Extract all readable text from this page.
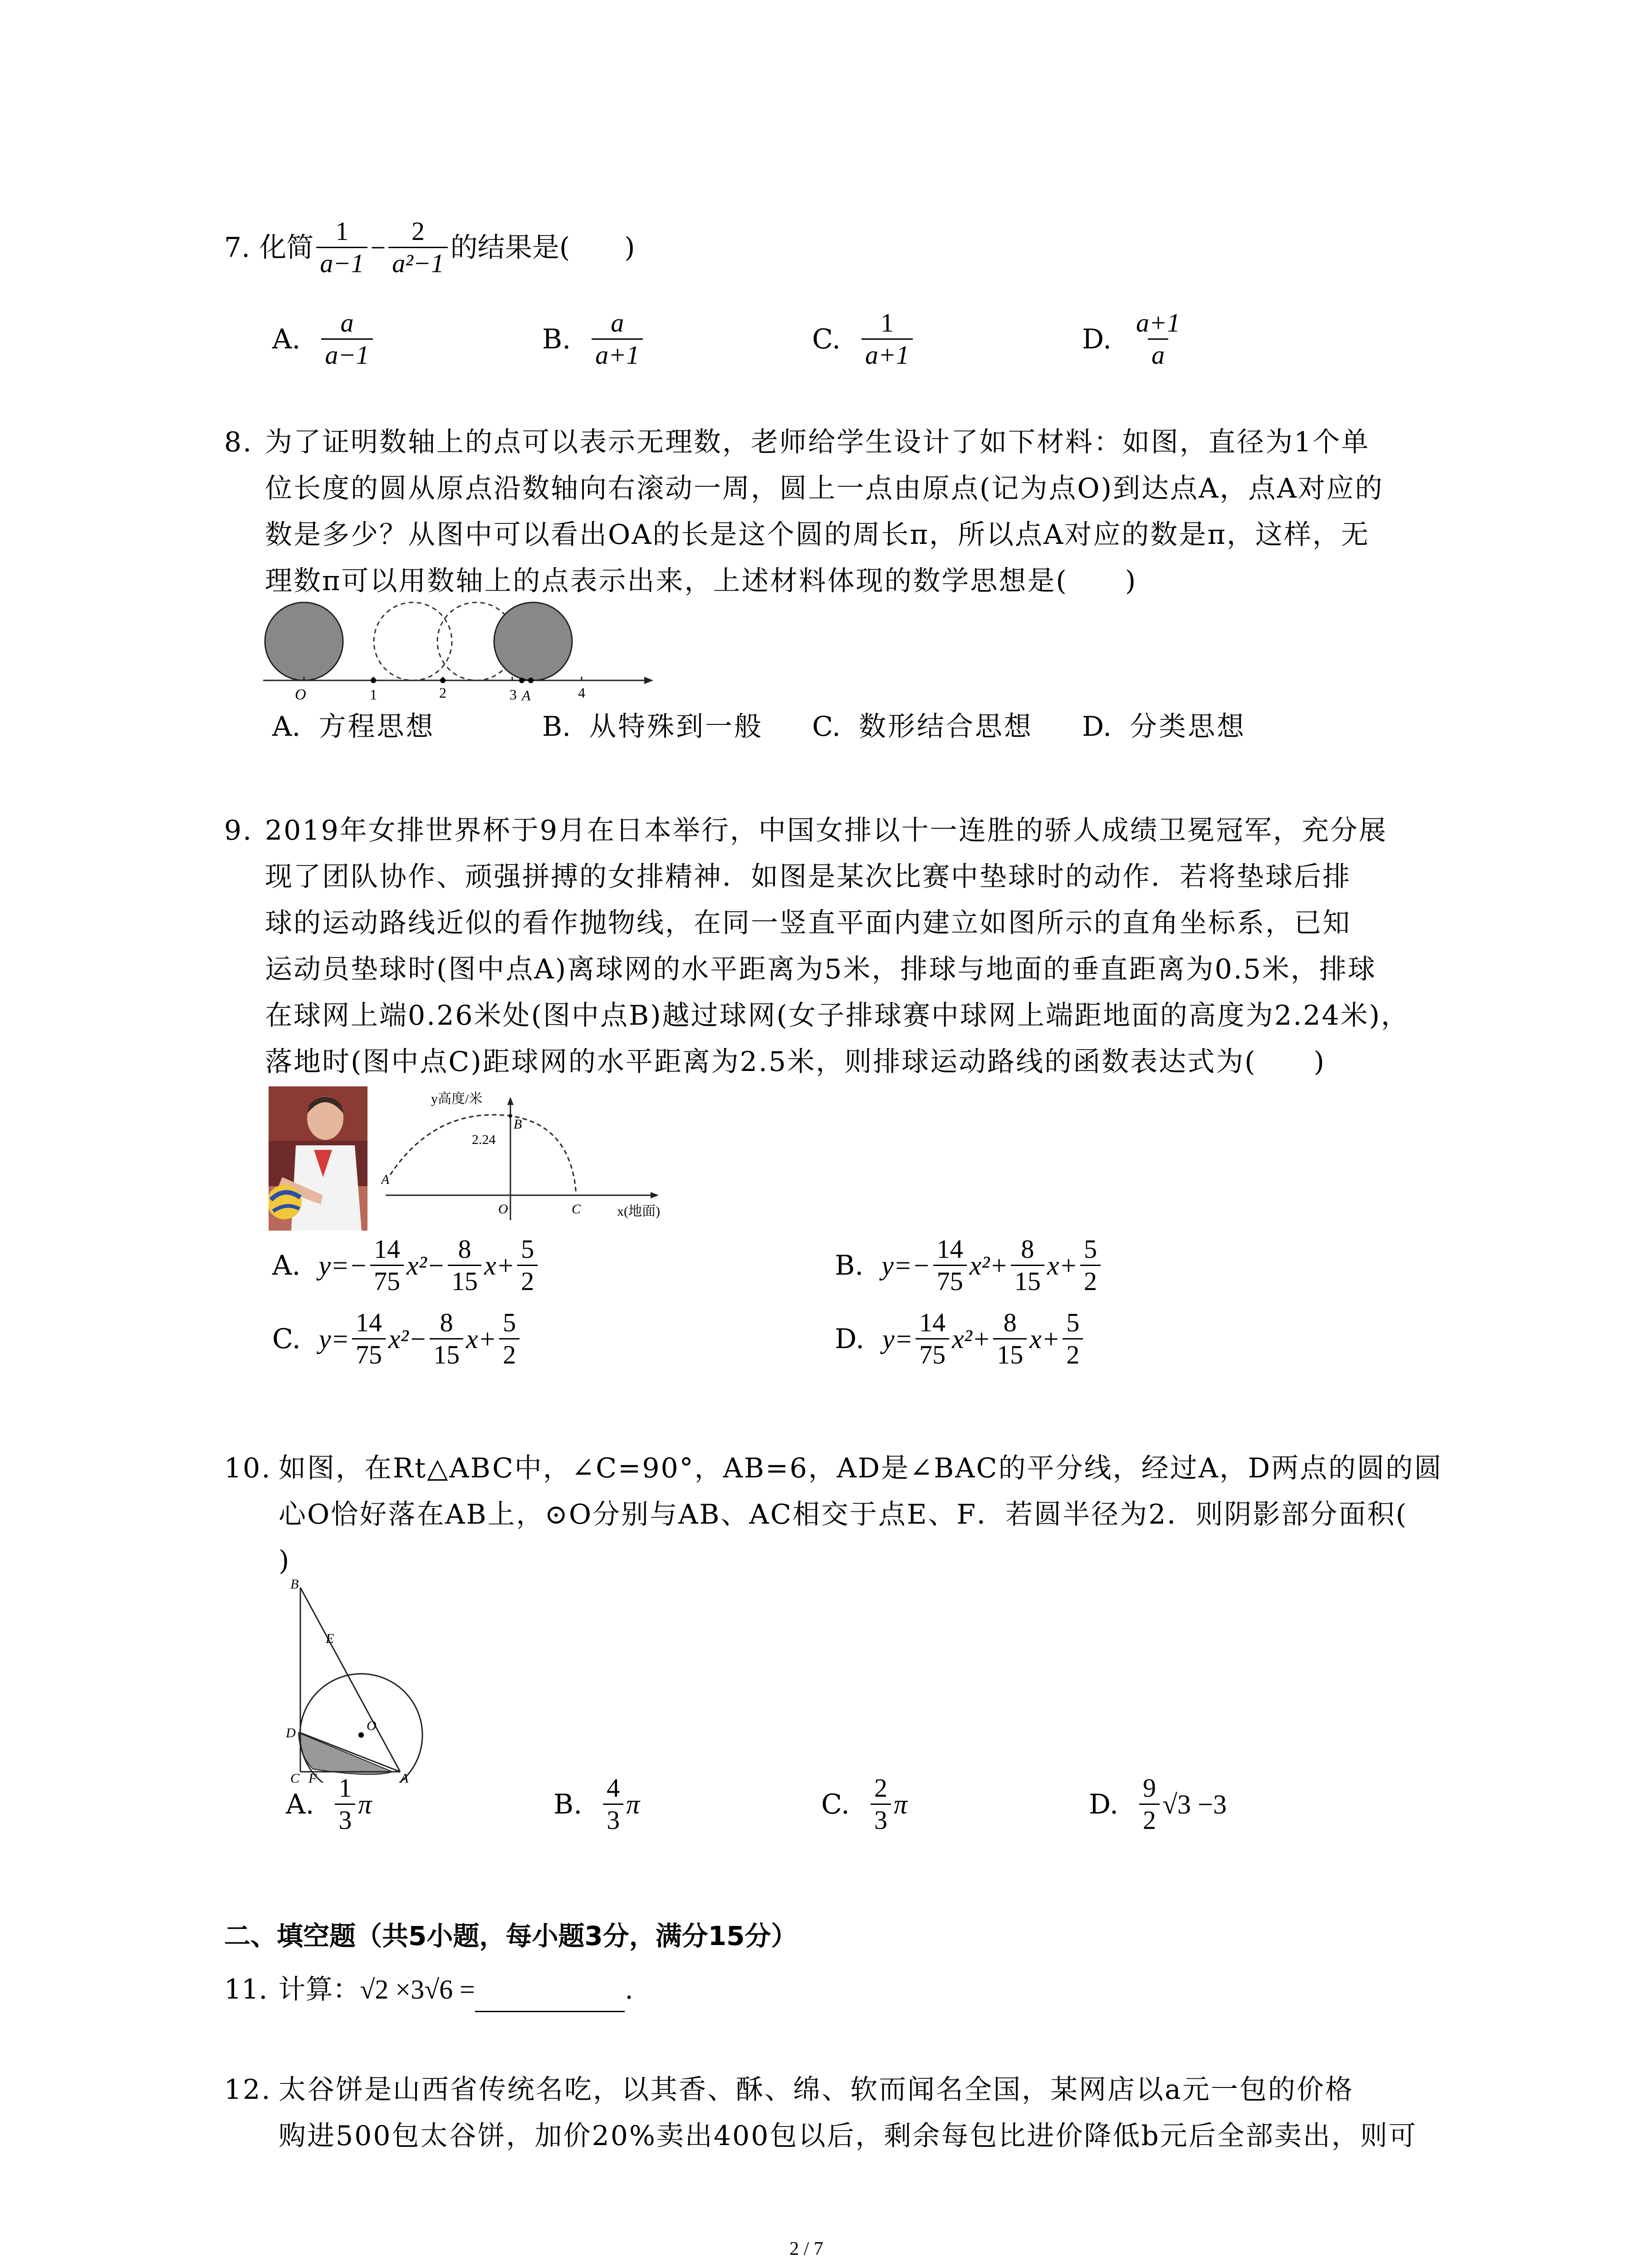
7. 化简 $\frac{1}{a-1} - \frac{2}{\text{a²−1}}$ 的结果是(　　)
A. $\frac{a}{a-1}$	B. $\frac{a}{a+1}$	C. $\frac{1}{a+1}$	D. $\frac{a+1}{a}$
8. 为了证明数轴上的点可以表示无理数，老师给学生设计了如下材料：如图，直径为1个单
位长度的圆从原点沿数轴向右滚动一周，圆上一点由原点(记为点O)到达点A，点A对应的
数是多少？从图中可以看出OA的长是这个圆的周长π，所以点A对应的数是π，这样，无
理数π可以用数轴上的点表示出来，上述材料体现的数学思想是(　　)
O	1	2	3 A	4
A. 方程思想	B. 从特殊到一般 C. 数形结合思想 D. 分类思想
9. 2019年女排世界杯于9月在日本举行，中国女排以十一连胜的骄人成绩卫冕冠军，充分展
现了团队协作、顽强拼搏的女排精神．如图是某次比赛中垫球时的动作．若将垫球后排
球的运动路线近似的看作抛物线，在同一竖直平面内建立如图所示的直角坐标系，已知
运动员垫球时(图中点A)离球网的水平距离为5米，排球与地面的垂直距离为0.5米，排球
在球网上端0.26米处(图中点B)越过球网(女子排球赛中球网上端距地面的高度为2.24米)，
落地时(图中点C)距球网的水平距离为2.5米，则排球运动路线的函数表达式为(　　)
y高度/米
B
2.24
A
O	C	x(地面)
A. $y=- \frac{14}{75} x^2- \frac{8}{15} x+ \frac{5}{2}$	B. $y=- \frac{14}{75} x^2+ \frac{8}{15} x+ \frac{5}{2}$
C. $y= \frac{14}{75} x^2- \frac{8}{15} x+ \frac{5}{2}$	D. $y= \frac{14}{75} x^2+ \frac{8}{15} x+ \frac{5}{2}$
10. 如图，在Rt△ABC中，∠C=90°，AB=6，AD是∠BAC的平分线，经过A，D两点的圆的圆
心O恰好落在AB上，⊙O分别与AB、AC相交于点E、F．若圆半径为2．则阴影部分面积(
)
B
E
O
D
C F	A
A. $\frac{1}{3}$ π	B. $\frac{4}{3}$ π	C. $\frac{2}{3}$ π	D. $\frac{9}{2} √3 -3$
二、填空题（共5小题，每小题3分，满分15分）
11. 计算： √2 ×3√6 =	.
12. 太谷饼是山西省传统名吃，以其香、酥、绵、软而闻名全国，某网店以a元一包的价格
购进500包太谷饼，加价20%卖出400包以后，剩余每包比进价降低b元后全部卖出，则可
2 / 7
